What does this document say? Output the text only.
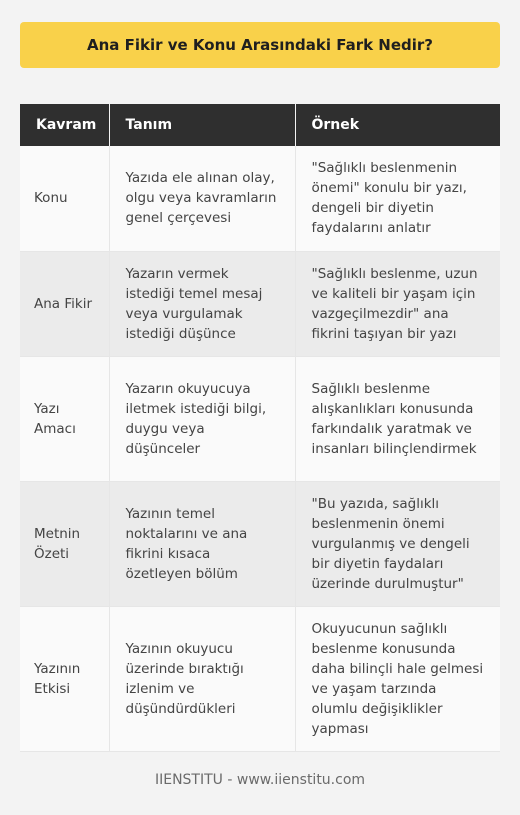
Ana Fikir ve Konu Arasındaki Fark Nedir?
Kavram	Tanım	Örnek
Konu	Yazıda ele alınan olay, olgu veya kavramların genel çerçevesi	"Sağlıklı beslenmenin önemi" konulu bir yazı, dengeli bir diyetin faydalarını anlatır
Ana Fikir	Yazarın vermek istediği temel mesaj veya vurgulamak istediği düşünce	"Sağlıklı beslenme, uzun ve kaliteli bir yaşam için vazgeçilmezdir" ana fikrini taşıyan bir yazı
Yazı Amacı	Yazarın okuyucuya iletmek istediği bilgi, duygu veya düşünceler	Sağlıklı beslenme alışkanlıkları konusunda farkındalık yaratmak ve insanları bilinçlendirmek
Metnin Özeti	Yazının temel noktalarını ve ana fikrini kısaca özetleyen bölüm	"Bu yazıda, sağlıklı beslenmenin önemi vurgulanmış ve dengeli bir diyetin faydaları üzerinde durulmuştur"
Yazının Etkisi	Yazının okuyucu üzerinde bıraktığı izlenim ve düşündürdükleri	Okuyucunun sağlıklı beslenme konusunda daha bilinçli hale gelmesi ve yaşam tarzında olumlu değişiklikler yapması
IIENSTITU - www.iienstitu.com
